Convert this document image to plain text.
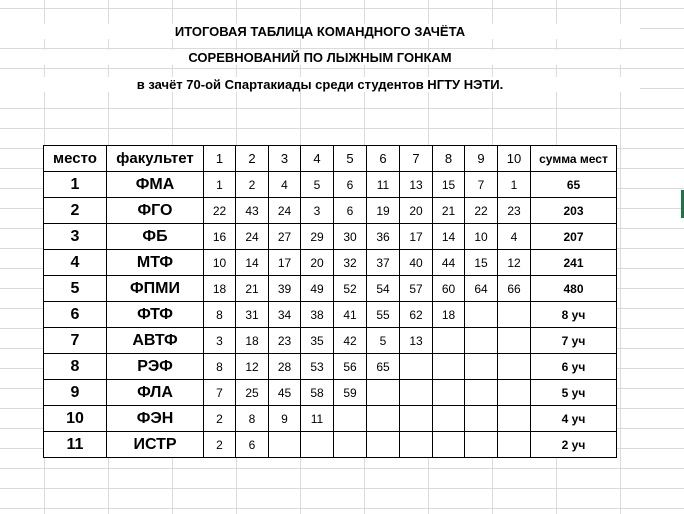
ИТОГОВАЯ ТАБЛИЦА КОМАНДНОГО ЗАЧЁТА
СОРЕВНОВАНИЙ ПО ЛЫЖНЫМ ГОНКАМ
в зачёт 70-ой Спартакиады среди студентов НГТУ НЭТИ.
место	факультет	1	2	3	4	5	6	7	8	9	10	сумма мест
1	ФМА	1	2	4	5	6	11	13	15	7	1	65
2	ФГО	22	43	24	3	6	19	20	21	22	23	203
3	ФБ	16	24	27	29	30	36	17	14	10	4	207
4	МТФ	10	14	17	20	32	37	40	44	15	12	241
5	ФПМИ	18	21	39	49	52	54	57	60	64	66	480
6	ФТФ	8	31	34	38	41	55	62	18			8 уч
7	АВТФ	3	18	23	35	42	5	13				7 уч
8	РЭФ	8	12	28	53	56	65					6 уч
9	ФЛА	7	25	45	58	59						5 уч
10	ФЭН	2	8	9	11							4 уч
11	ИСТР	2	6									2 уч
